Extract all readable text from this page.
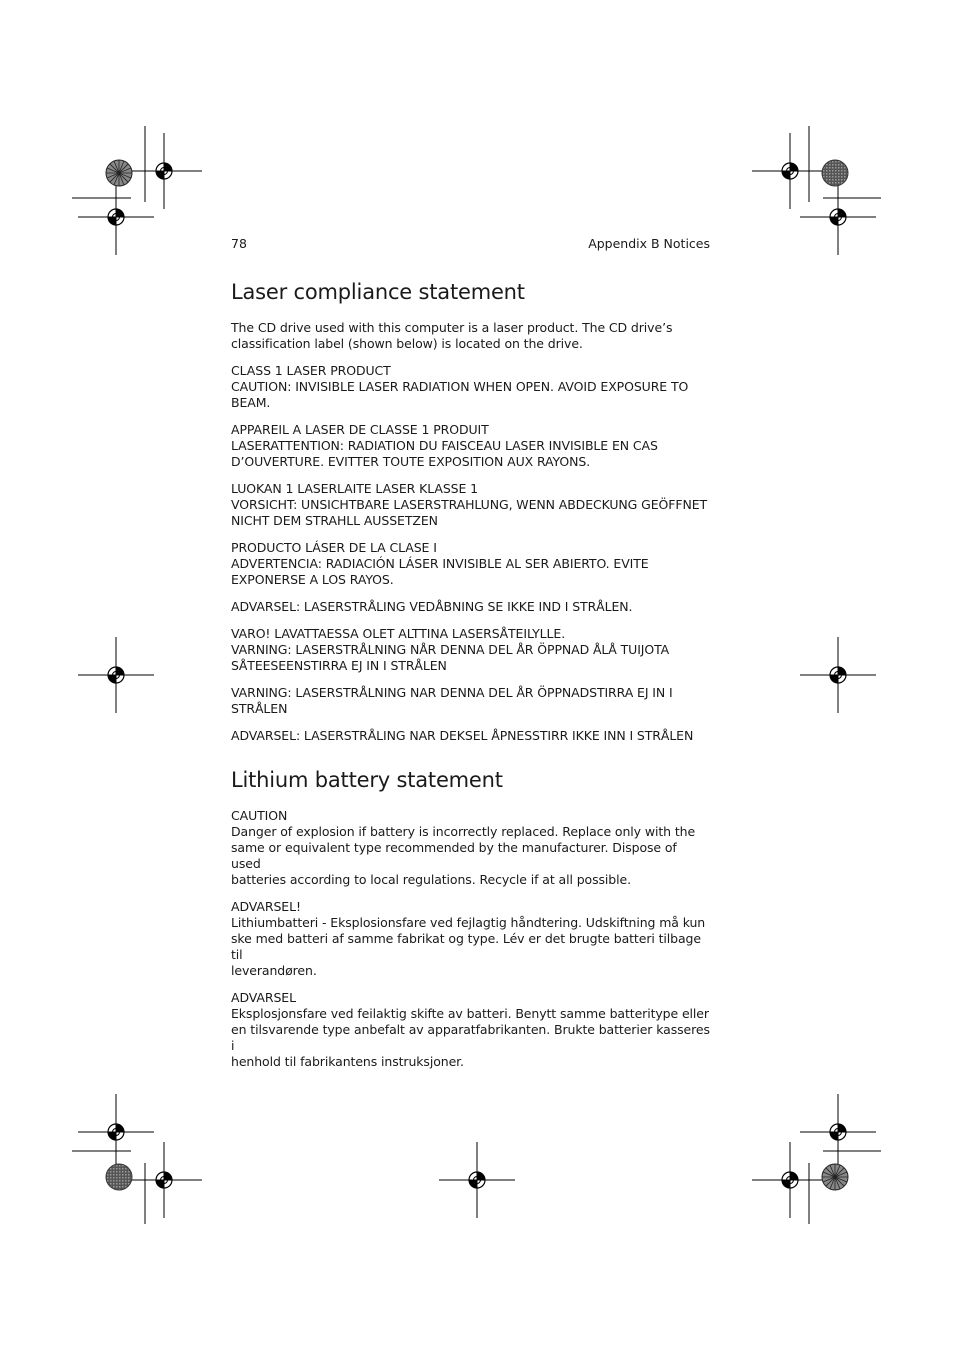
78	Appendix B Notices
Laser compliance statement

The CD drive used with this computer is a laser product. The CD drive’s
classification label (shown below) is located on the drive.

CLASS 1 LASER PRODUCT
CAUTION: INVISIBLE LASER RADIATION WHEN OPEN. AVOID EXPOSURE TO
BEAM.

APPAREIL A LASER DE CLASSE 1 PRODUIT
LASERATTENTION: RADIATION DU FAISCEAU LASER INVISIBLE EN CAS
D’OUVERTURE. EVITTER TOUTE EXPOSITION AUX RAYONS.

LUOKAN 1 LASERLAITE LASER KLASSE 1
VORSICHT: UNSICHTBARE LASERSTRAHLUNG, WENN ABDECKUNG GEÖFFNET
NICHT DEM STRAHLL AUSSETZEN

PRODUCTO LÁSER DE LA CLASE I
ADVERTENCIA: RADIACIÓN LÁSER INVISIBLE AL SER ABIERTO. EVITE
EXPONERSE A LOS RAYOS.

ADVARSEL: LASERSTRÅLING VEDÅBNING SE IKKE IND I STRÅLEN.

VARO! LAVATTAESSA OLET ALTTINA LASERSÅTEILYLLE.
VARNING: LASERSTRÅLNING NÅR DENNA DEL ÅR ÖPPNAD ÅLÅ TUIJOTA
SÅTEESEENSTIRRA EJ IN I STRÅLEN

VARNING: LASERSTRÅLNING NAR DENNA DEL ÅR ÖPPNADSTIRRA EJ IN I
STRÅLEN

ADVARSEL: LASERSTRÅLING NAR DEKSEL ÅPNESSTIRR IKKE INN I STRÅLEN

Lithium battery statement

CAUTION
Danger of explosion if battery is incorrectly replaced. Replace only with the
same or equivalent type recommended by the manufacturer. Dispose of used
batteries according to local regulations. Recycle if at all possible.

ADVARSEL!
Lithiumbatteri - Eksplosionsfare ved fejlagtig håndtering. Udskiftning må kun
ske med batteri af samme fabrikat og type. Lév er det brugte batteri tilbage til
leverandøren.

ADVARSEL
Eksplosjonsfare ved feilaktig skifte av batteri. Benytt samme batteritype eller
en tilsvarende type anbefalt av apparatfabrikanten. Brukte batterier kasseres i
henhold til fabrikantens instruksjoner.
